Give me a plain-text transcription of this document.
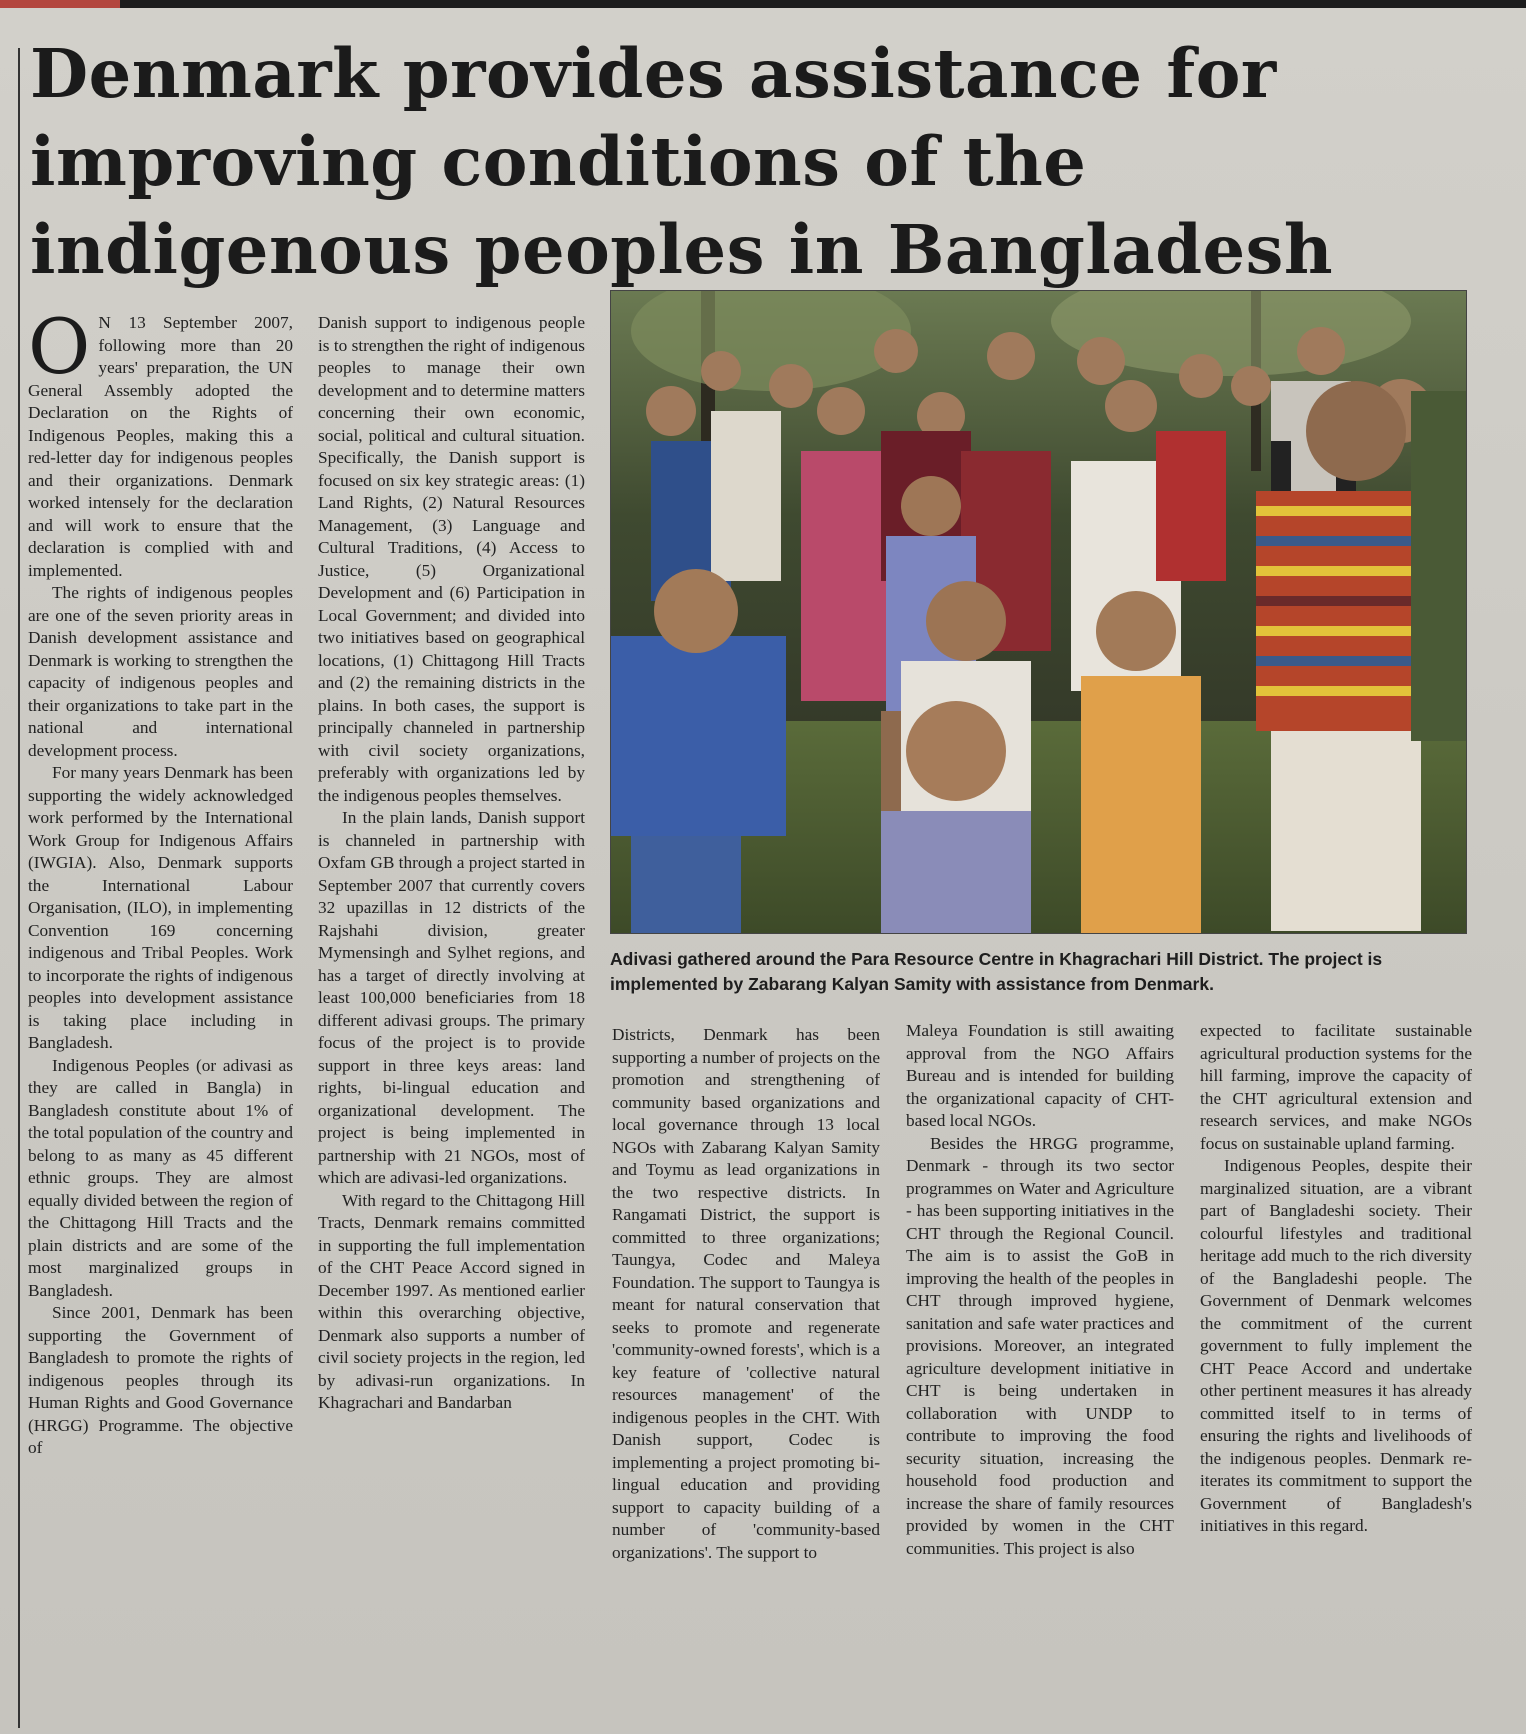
Denmark provides assistance for improving conditions of the indigenous peoples in Bangladesh

Adivasi gathered around the Para Resource Centre in Khagrachari Hill District. The project is implemented by Zabarang Kalyan Samity with assistance from Denmark.

O N 13 September 2007, following more than 20 years' preparation, the UN General Assembly adopted the Declaration on the Rights of Indigenous Peoples, making this a red-letter day for indigenous peoples and their organizations. Denmark worked intensely for the declaration and will work to ensure that the declaration is complied with and implemented.

The rights of indigenous peoples are one of the seven priority areas in Danish development assistance and Denmark is working to strengthen the capacity of indigenous peoples and their organizations to take part in the national and international development process.

For many years Denmark has been supporting the widely acknowledged work performed by the International Work Group for Indigenous Affairs (IWGIA). Also, Denmark supports the International Labour Organisation, (ILO), in implementing Convention 169 concerning indigenous and Tribal Peoples. Work to incorporate the rights of indigenous peoples into development assistance is taking place including in Bangladesh.

Indigenous Peoples (or adivasi as they are called in Bangla) in Bangladesh constitute about 1% of the total population of the country and belong to as many as 45 different ethnic groups. They are almost equally divided between the region of the Chittagong Hill Tracts and the plain districts and are some of the most marginalized groups in Bangladesh.

Since 2001, Denmark has been supporting the Government of Bangladesh to promote the rights of indigenous peoples through its Human Rights and Good Governance (HRGG) Programme. The objective of

Danish support to indigenous people is to strengthen the right of indigenous peoples to manage their own development and to determine matters concerning their own economic, social, political and cultural situation. Specifically, the Danish support is focused on six key strategic areas: (1) Land Rights, (2) Natural Resources Management, (3) Language and Cultural Traditions, (4) Access to Justice, (5) Organizational Development and (6) Participation in Local Government; and divided into two initiatives based on geographical locations, (1) Chittagong Hill Tracts and (2) the remaining districts in the plains. In both cases, the support is principally channeled in partnership with civil society organizations, preferably with organizations led by the indigenous peoples themselves.

In the plain lands, Danish support is channeled in partnership with Oxfam GB through a project started in September 2007 that currently covers 32 upazillas in 12 districts of the Rajshahi division, greater Mymensingh and Sylhet regions, and has a target of directly involving at least 100,000 beneficiaries from 18 different adivasi groups. The primary focus of the project is to provide support in three keys areas: land rights, bi-lingual education and organizational development. The project is being implemented in partnership with 21 NGOs, most of which are adivasi-led organizations.

With regard to the Chittagong Hill Tracts, Denmark remains committed in supporting the full implementation of the CHT Peace Accord signed in December 1997. As mentioned earlier within this overarching objective, Denmark also supports a number of civil society projects in the region, led by adivasi-run organizations. In Khagrachari and Bandarban

Districts, Denmark has been supporting a number of projects on the promotion and strengthening of community based organizations and local governance through 13 local NGOs with Zabarang Kalyan Samity and Toymu as lead organizations in the two respective districts. In Rangamati District, the support is committed to three organizations; Taungya, Codec and Maleya Foundation. The support to Taungya is meant for natural conservation that seeks to promote and regenerate 'community-owned forests', which is a key feature of 'collective natural resources management' of the indigenous peoples in the CHT. With Danish support, Codec is implementing a project promoting bi-lingual education and providing support to capacity building of a number of 'community-based organizations'. The support to

Maleya Foundation is still awaiting approval from the NGO Affairs Bureau and is intended for building the organizational capacity of CHT-based local NGOs.

Besides the HRGG programme, Denmark - through its two sector programmes on Water and Agriculture - has been supporting initiatives in the CHT through the Regional Council. The aim is to assist the GoB in improving the health of the peoples in CHT through improved hygiene, sanitation and safe water practices and provisions. Moreover, an integrated agriculture development initiative in CHT is being undertaken in collaboration with UNDP to contribute to improving the food security situation, increasing the household food production and increase the share of family resources provided by women in the CHT communities. This project is also

expected to facilitate sustainable agricultural production systems for the hill farming, improve the capacity of the CHT agricultural extension and research services, and make NGOs focus on sustainable upland farming.

Indigenous Peoples, despite their marginalized situation, are a vibrant part of Bangladeshi society. Their colourful lifestyles and traditional heritage add much to the rich diversity of the Bangladeshi people. The Government of Denmark welcomes the commitment of the current government to fully implement the CHT Peace Accord and undertake other pertinent measures it has already committed itself to in terms of ensuring the rights and livelihoods of the indigenous peoples. Denmark re-iterates its commitment to support the Government of Bangladesh's initiatives in this regard.
